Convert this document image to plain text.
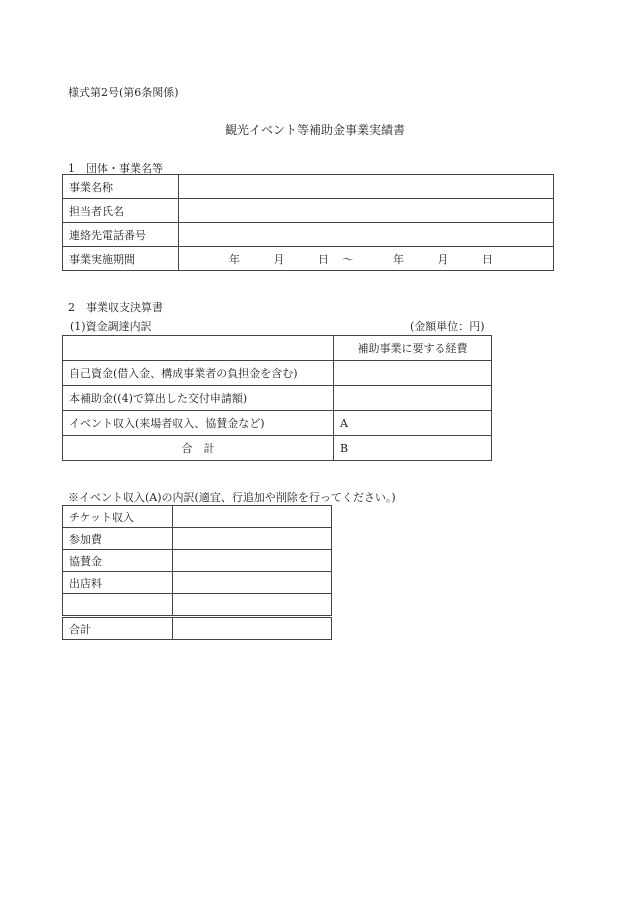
様式第2号(第6条関係)
観光イベント等補助金事業実績書
1　団体・事業名等
事業名称	
担当者氏名	
連絡先電話番号	
事業実施期間	年 月 日 〜 年 月 日
2　事業収支決算書
(1)資金調達内訳	(金額単位：円)
	補助事業に要する経費
自己資金(借入金、構成事業者の負担金を含む)	
本補助金((4)で算出した交付申請額)	
イベント収入(来場者収入、協賛金など)	A
合　計	B
※イベント収入(A)の内訳(適宜、行追加や削除を行ってください。)
チケット収入	
参加費	
協賛金	
出店料	

合計	
